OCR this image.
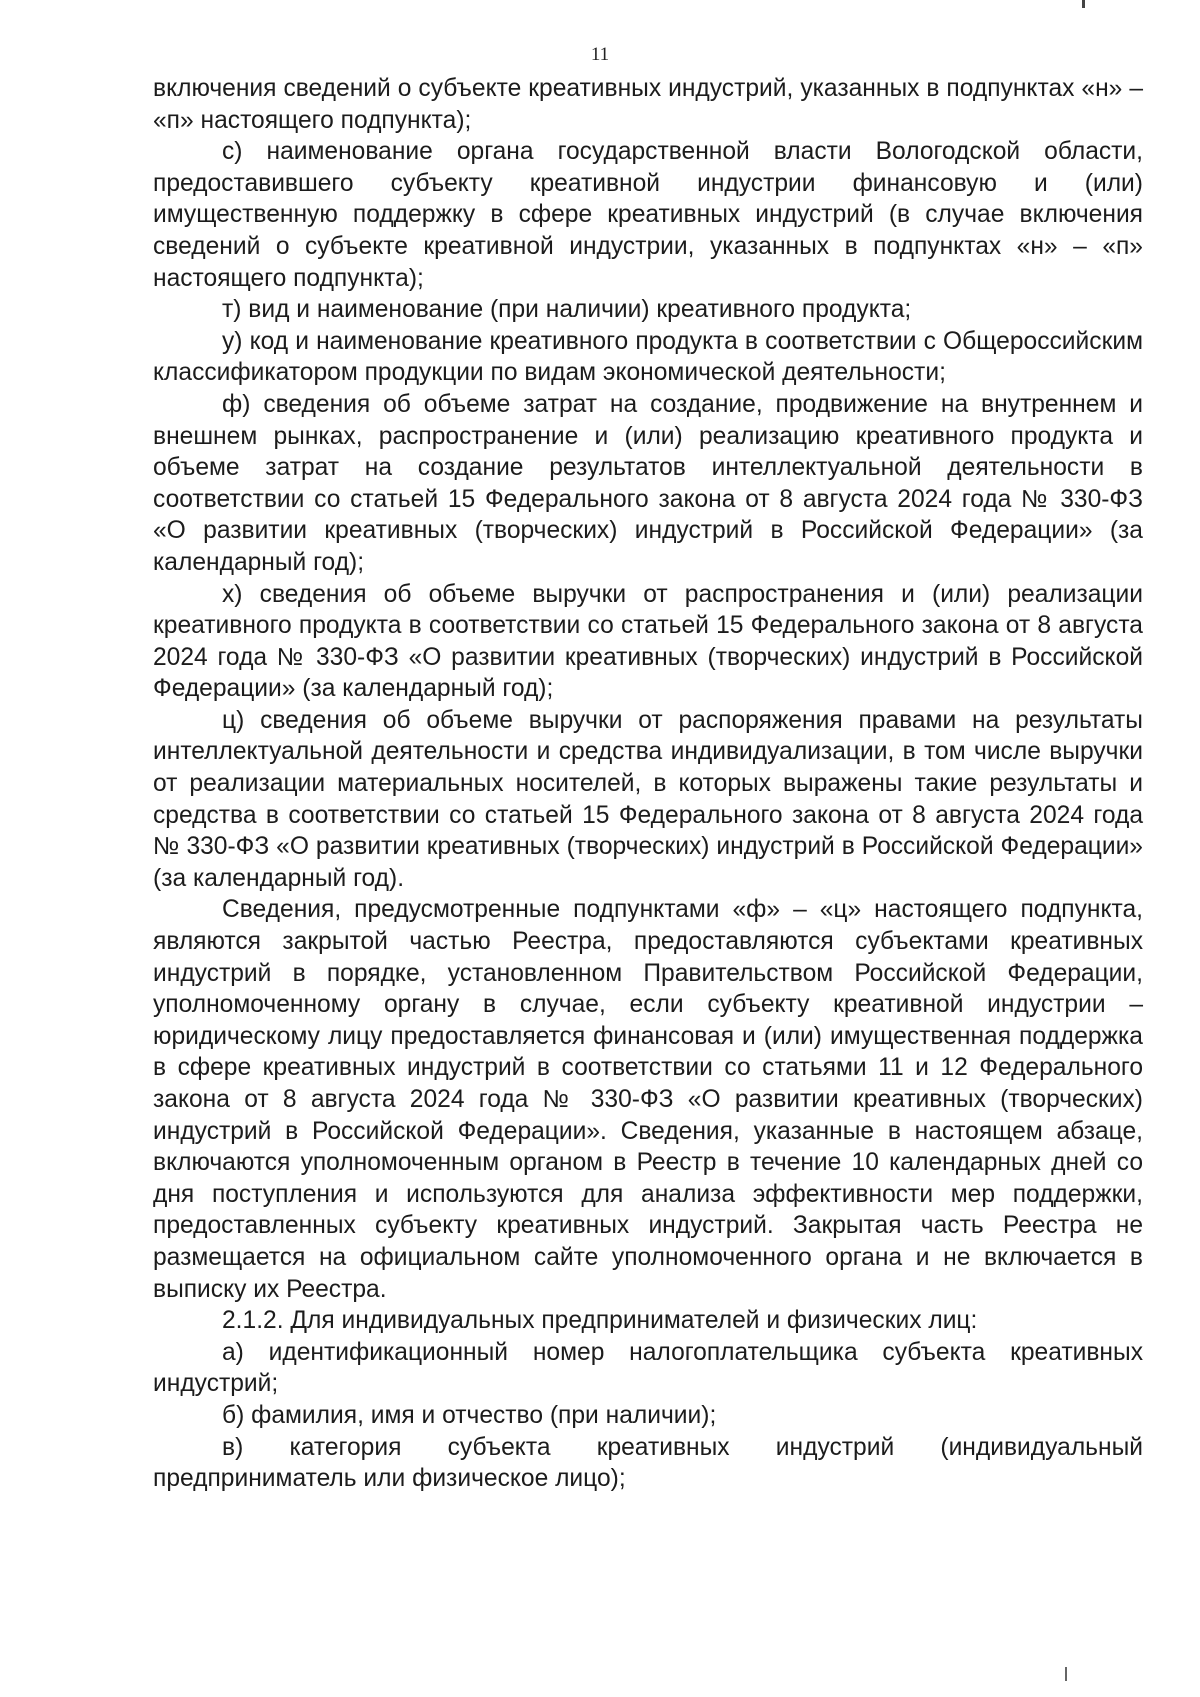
11

включения сведений о субъекте креативных индустрий, указанных в подпунктах «н» – «п» настоящего подпункта);

с) наименование органа государственной власти Вологодской области, предоставившего субъекту креативной индустрии финансовую и (или) имущественную поддержку в сфере креативных индустрий (в случае включения сведений о субъекте креативной индустрии, указанных в подпунктах «н» – «п» настоящего подпункта);

т) вид и наименование (при наличии) креативного продукта;

у) код и наименование креативного продукта в соответствии с Общероссийским классификатором продукции по видам экономической деятельности;

ф) сведения об объеме затрат на создание, продвижение на внутреннем и внешнем рынках, распространение и (или) реализацию креативного продукта и объеме затрат на создание результатов интеллектуальной деятельности в соответствии со статьей 15 Федерального закона от 8 августа 2024 года № 330-ФЗ «О развитии креативных (творческих) индустрий в Российской Федерации» (за календарный год);

х) сведения об объеме выручки от распространения и (или) реализации креативного продукта в соответствии со статьей 15 Федерального закона от 8 августа 2024 года № 330-ФЗ «О развитии креативных (творческих) индустрий в Российской Федерации» (за календарный год);

ц) сведения об объеме выручки от распоряжения правами на результаты интеллектуальной деятельности и средства индивидуализации, в том числе выручки от реализации материальных носителей, в которых выражены такие результаты и средства в соответствии со статьей 15 Федерального закона от 8 августа 2024 года № 330-ФЗ «О развитии креативных (творческих) индустрий в Российской Федерации» (за календарный год).

Сведения, предусмотренные подпунктами «ф» – «ц» настоящего подпункта, являются закрытой частью Реестра, предоставляются субъектами креативных индустрий в порядке, установленном Правительством Российской Федерации, уполномоченному органу в случае, если субъекту креативной индустрии – юридическому лицу предоставляется финансовая и (или) имущественная поддержка в сфере креативных индустрий в соответствии со статьями 11 и 12 Федерального закона от 8 августа 2024 года № 330-ФЗ «О развитии креативных (творческих) индустрий в Российской Федерации». Сведения, указанные в настоящем абзаце, включаются уполномоченным органом в Реестр в течение 10 календарных дней со дня поступления и используются для анализа эффективности мер поддержки, предоставленных субъекту креативных индустрий. Закрытая часть Реестра не размещается на официальном сайте уполномоченного органа и не включается в выписку их Реестра.

2.1.2. Для индивидуальных предпринимателей и физических лиц:

а) идентификационный номер налогоплательщика субъекта креативных индустрий;

б) фамилия, имя и отчество (при наличии);

в) категория субъекта креативных индустрий (индивидуальный предприниматель или физическое лицо);
